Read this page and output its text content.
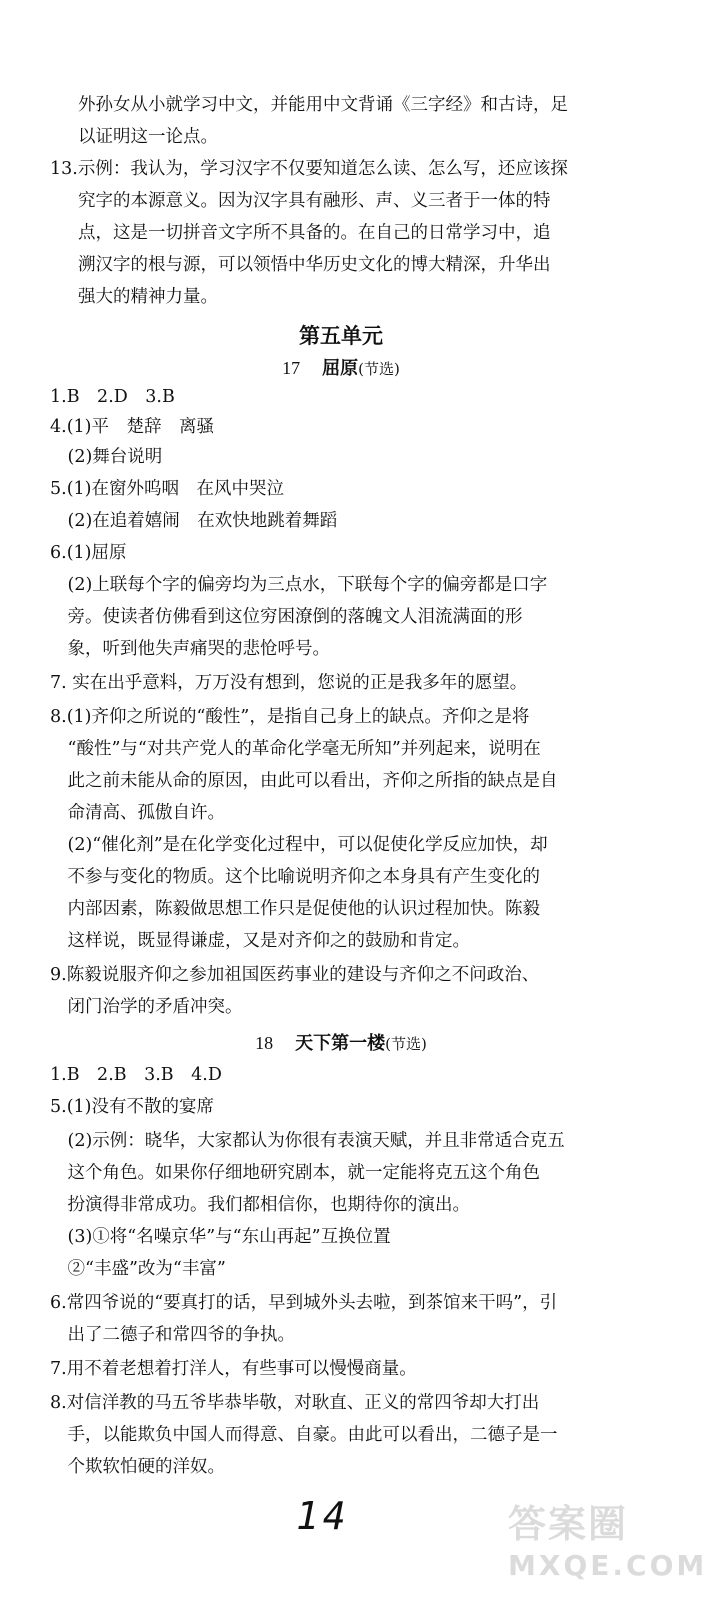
外孙女从小就学习中文，并能用中文背诵《三字经》和古诗，足
以证明这一论点。
13.示例：我认为，学习汉字不仅要知道怎么读、怎么写，还应该探
究字的本源意义。因为汉字具有融形、声、义三者于一体的特
点，这是一切拼音文字所不具备的。在自己的日常学习中，追
溯汉字的根与源，可以领悟中华历史文化的博大精深，升华出
强大的精神力量。
第五单元
17 屈原(节选)
1.B　2.D　3.B
4.(1)平　楚辞　离骚
　(2)舞台说明
5.(1)在窗外呜咽　在风中哭泣
　(2)在追着嬉闹　在欢快地跳着舞蹈
6.(1)屈原
　(2)上联每个字的偏旁均为三点水，下联每个字的偏旁都是口字
　旁。使读者仿佛看到这位穷困潦倒的落魄文人泪流满面的形
　象，听到他失声痛哭的悲怆呼号。
7. 实在出乎意料，万万没有想到，您说的正是我多年的愿望。
8.(1)齐仰之所说的“酸性”，是指自己身上的缺点。齐仰之是将
　“酸性”与“对共产党人的革命化学毫无所知”并列起来，说明在
　此之前未能从命的原因，由此可以看出，齐仰之所指的缺点是自
　命清高、孤傲自许。
　(2)“催化剂”是在化学变化过程中，可以促使化学反应加快，却
　不参与变化的物质。这个比喻说明齐仰之本身具有产生变化的
　内部因素，陈毅做思想工作只是促使他的认识过程加快。陈毅
　这样说，既显得谦虚，又是对齐仰之的鼓励和肯定。
9.陈毅说服齐仰之参加祖国医药事业的建设与齐仰之不问政治、
　闭门治学的矛盾冲突。
18 天下第一楼(节选)
1.B　2.B　3.B　4.D
5.(1)没有不散的宴席
　(2)示例：晓华，大家都认为你很有表演天赋，并且非常适合克五
　这个角色。如果你仔细地研究剧本，就一定能将克五这个角色
　扮演得非常成功。我们都相信你，也期待你的演出。
　(3)①将“名噪京华”与“东山再起”互换位置
　②“丰盛”改为“丰富”
6.常四爷说的“要真打的话，早到城外头去啦，到茶馆来干吗”，引
　出了二德子和常四爷的争执。
7.用不着老想着打洋人，有些事可以慢慢商量。
8.对信洋教的马五爷毕恭毕敬，对耿直、正义的常四爷却大打出
　手，以能欺负中国人而得意、自豪。由此可以看出，二德子是一
　个欺软怕硬的洋奴。
14	答案圈
MXQE.COM
